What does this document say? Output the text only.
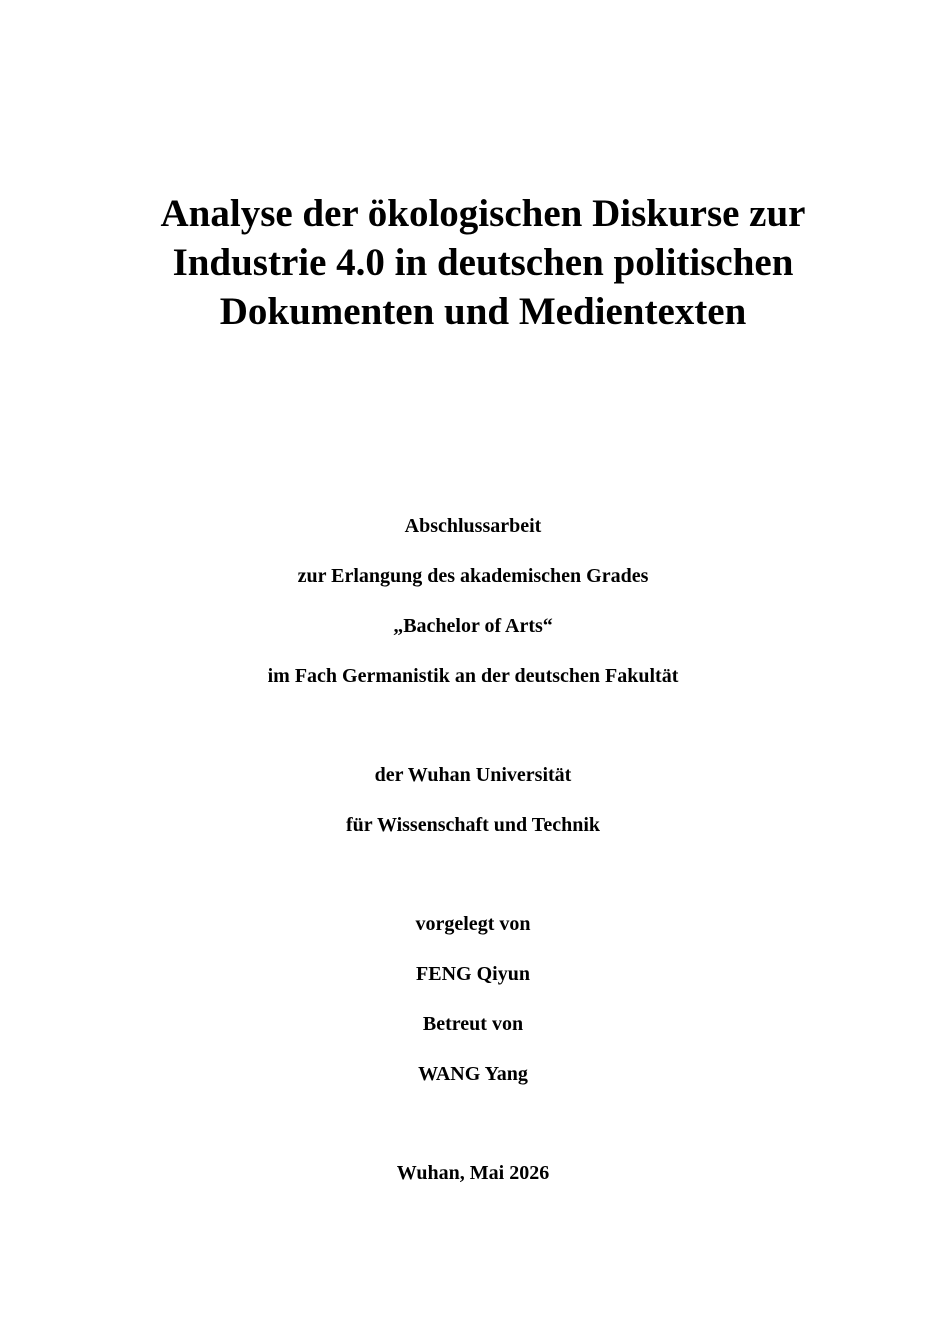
Analyse der ökologischen Diskurse zur
Industrie 4.0 in deutschen politischen
Dokumenten und Medientexten
Abschlussarbeit
zur Erlangung des akademischen Grades
„Bachelor of Arts“
im Fach Germanistik an der deutschen Fakultät
der Wuhan Universität
für Wissenschaft und Technik
vorgelegt von
FENG Qiyun
Betreut von
WANG Yang
Wuhan, Mai 2026
